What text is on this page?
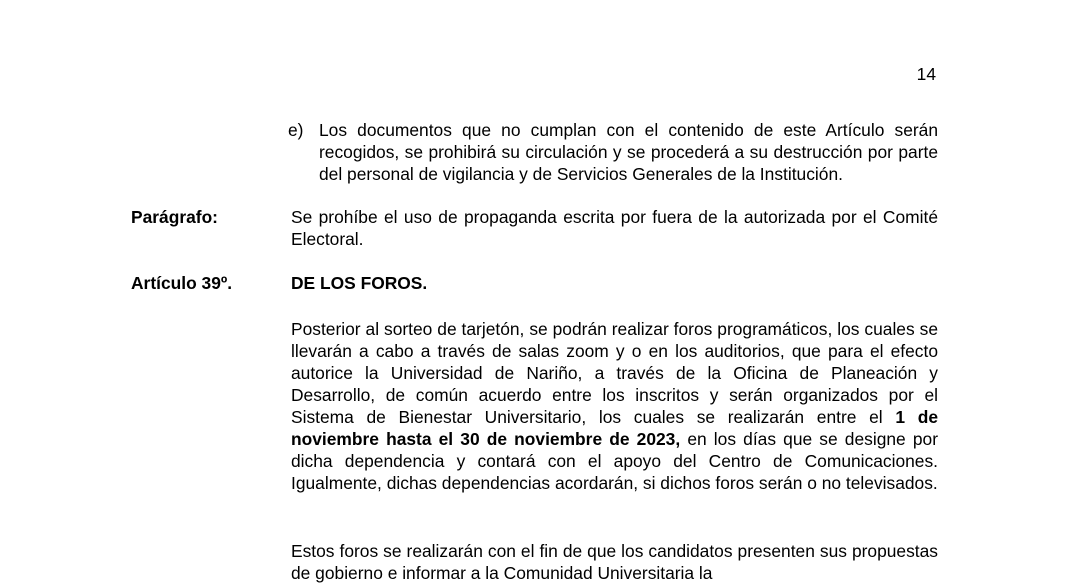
14
e) Los documentos que no cumplan con el contenido de este Artículo serán recogidos, se prohibirá su circulación y se procederá a su destrucción por parte del personal de vigilancia y de Servicios Generales de la Institución.
Parágrafo:	Se prohíbe el uso de propaganda escrita por fuera de la autorizada por el Comité Electoral.
Artículo 39º.	DE LOS FOROS.
Posterior al sorteo de tarjetón, se podrán realizar foros programáticos, los cuales se llevarán a cabo a través de salas zoom y o en los auditorios, que para el efecto autorice la Universidad de Nariño, a través de la Oficina de Planeación y Desarrollo, de común acuerdo entre los inscritos y serán organizados por el Sistema de Bienestar Universitario, los cuales se realizarán entre el 1 de noviembre hasta el 30 de noviembre de 2023, en los días que se designe por dicha dependencia y contará con el apoyo del Centro de Comunicaciones. Igualmente, dichas dependencias acordarán, si dichos foros serán o no televisados.
Estos foros se realizarán con el fin de que los candidatos presenten sus propuestas de gobierno e informar a la Comunidad Universitaria la
